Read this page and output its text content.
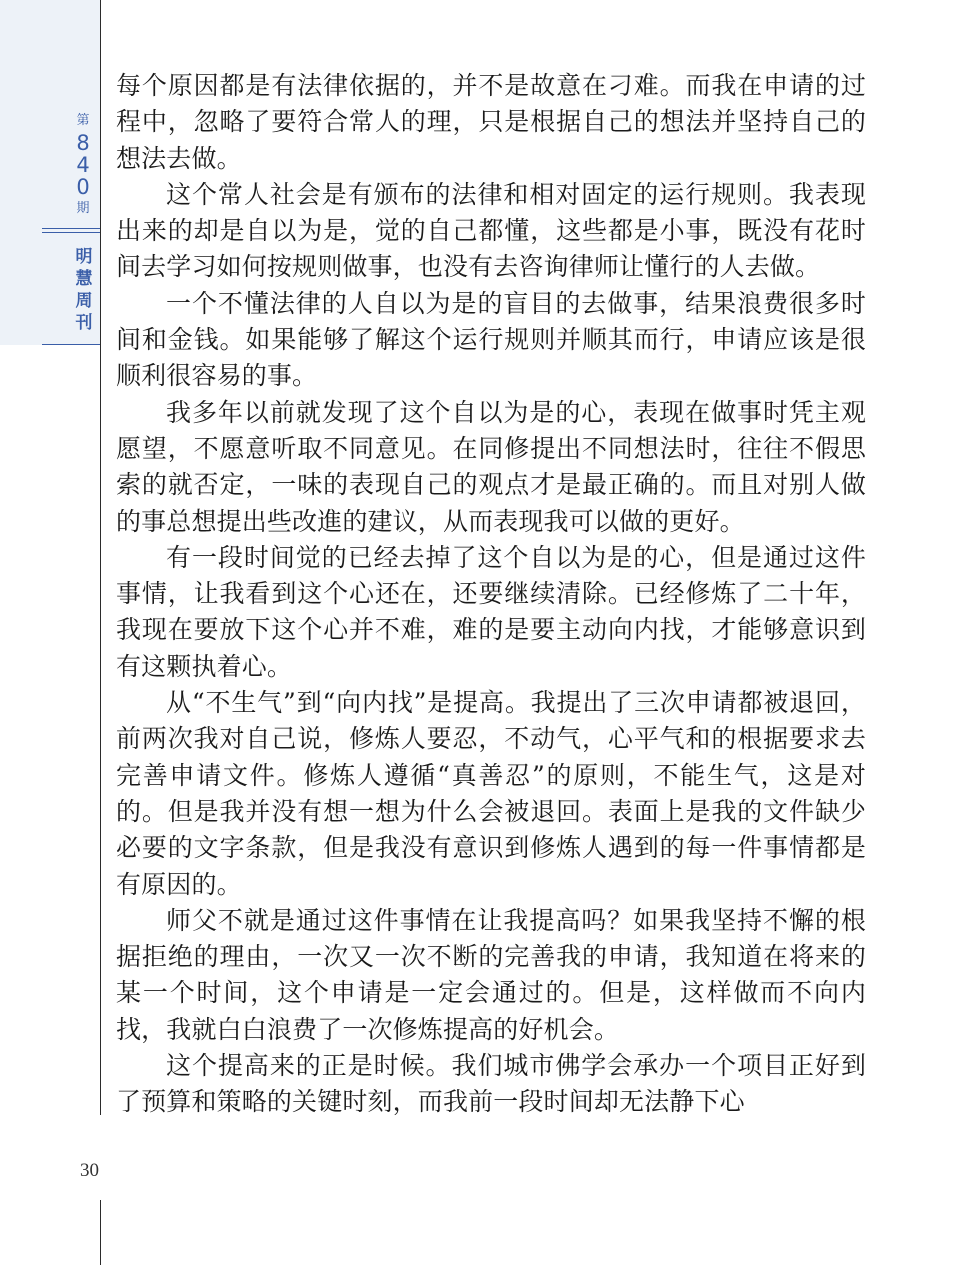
第
8
4
0
期
明
慧
周
刊
30

每个原因都是有法律依据的，并不是故意在刁难。而我在申请的过程中，忽略了要符合常人的理，只是根据自己的想法并坚持自己的想法去做。

这个常人社会是有颁布的法律和相对固定的运行规则。我表现出来的却是自以为是，觉的自己都懂，这些都是小事，既没有花时间去学习如何按规则做事，也没有去咨询律师让懂行的人去做。

一个不懂法律的人自以为是的盲目的去做事，结果浪费很多时间和金钱。如果能够了解这个运行规则并顺其而行，申请应该是很顺利很容易的事。

我多年以前就发现了这个自以为是的心，表现在做事时凭主观愿望，不愿意听取不同意见。在同修提出不同想法时，往往不假思索的就否定，一味的表现自己的观点才是最正确的。而且对别人做的事总想提出些改進的建议，从而表现我可以做的更好。

有一段时间觉的已经去掉了这个自以为是的心，但是通过这件事情，让我看到这个心还在，还要继续清除。已经修炼了二十年，我现在要放下这个心并不难，难的是要主动向内找，才能够意识到有这颗执着心。

从“不生气”到“向内找”是提高。我提出了三次申请都被退回，前两次我对自己说，修炼人要忍，不动气，心平气和的根据要求去完善申请文件。修炼人遵循“真善忍”的原则，不能生气，这是对的。但是我并没有想一想为什么会被退回。表面上是我的文件缺少必要的文字条款，但是我没有意识到修炼人遇到的每一件事情都是有原因的。

师父不就是通过这件事情在让我提高吗？如果我坚持不懈的根据拒绝的理由，一次又一次不断的完善我的申请，我知道在将来的某一个时间，这个申请是一定会通过的。但是，这样做而不向内找，我就白白浪费了一次修炼提高的好机会。

这个提高来的正是时候。我们城市佛学会承办一个项目正好到了预算和策略的关键时刻，而我前一段时间却无法静下心
